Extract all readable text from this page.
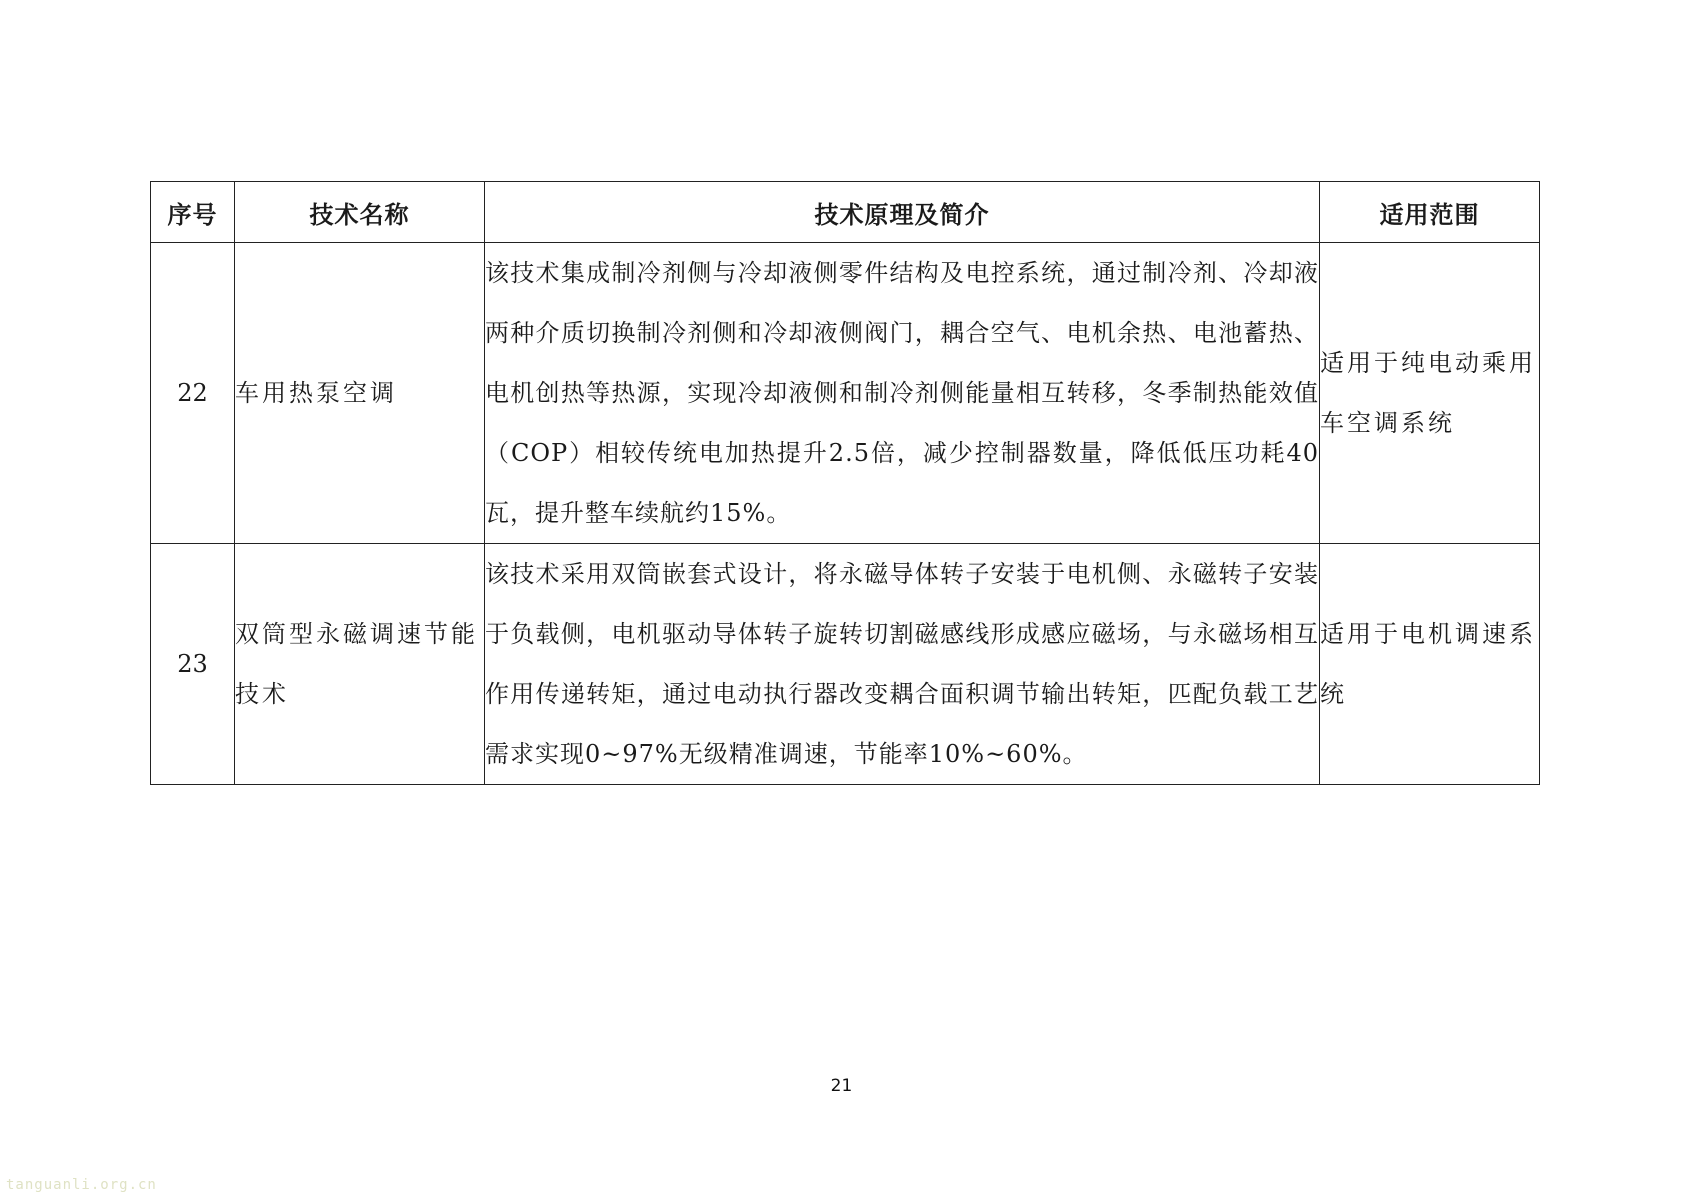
序号	技术名称	技术原理及简介	适用范围
22	车用热泵空调	该技术集成制冷剂侧与冷却液侧零件结构及电控系统，通过制冷剂、冷却液两种介质切换制冷剂侧和冷却液侧阀门，耦合空气、电机余热、电池蓄热、电机创热等热源，实现冷却液侧和制冷剂侧能量相互转移，冬季制热能效值（COP）相较传统电加热提升2.5倍，减少控制器数量，降低低压功耗40瓦，提升整车续航约15%。	适用于纯电动乘用车空调系统
23	双筒型永磁调速节能技术	该技术采用双筒嵌套式设计，将永磁导体转子安装于电机侧、永磁转子安装于负载侧，电机驱动导体转子旋转切割磁感线形成感应磁场，与永磁场相互作用传递转矩，通过电动执行器改变耦合面积调节输出转矩，匹配负载工艺需求实现0~97%无级精准调速，节能率10%~60%。	适用于电机调速系统
21
tanguanli.org.cn
